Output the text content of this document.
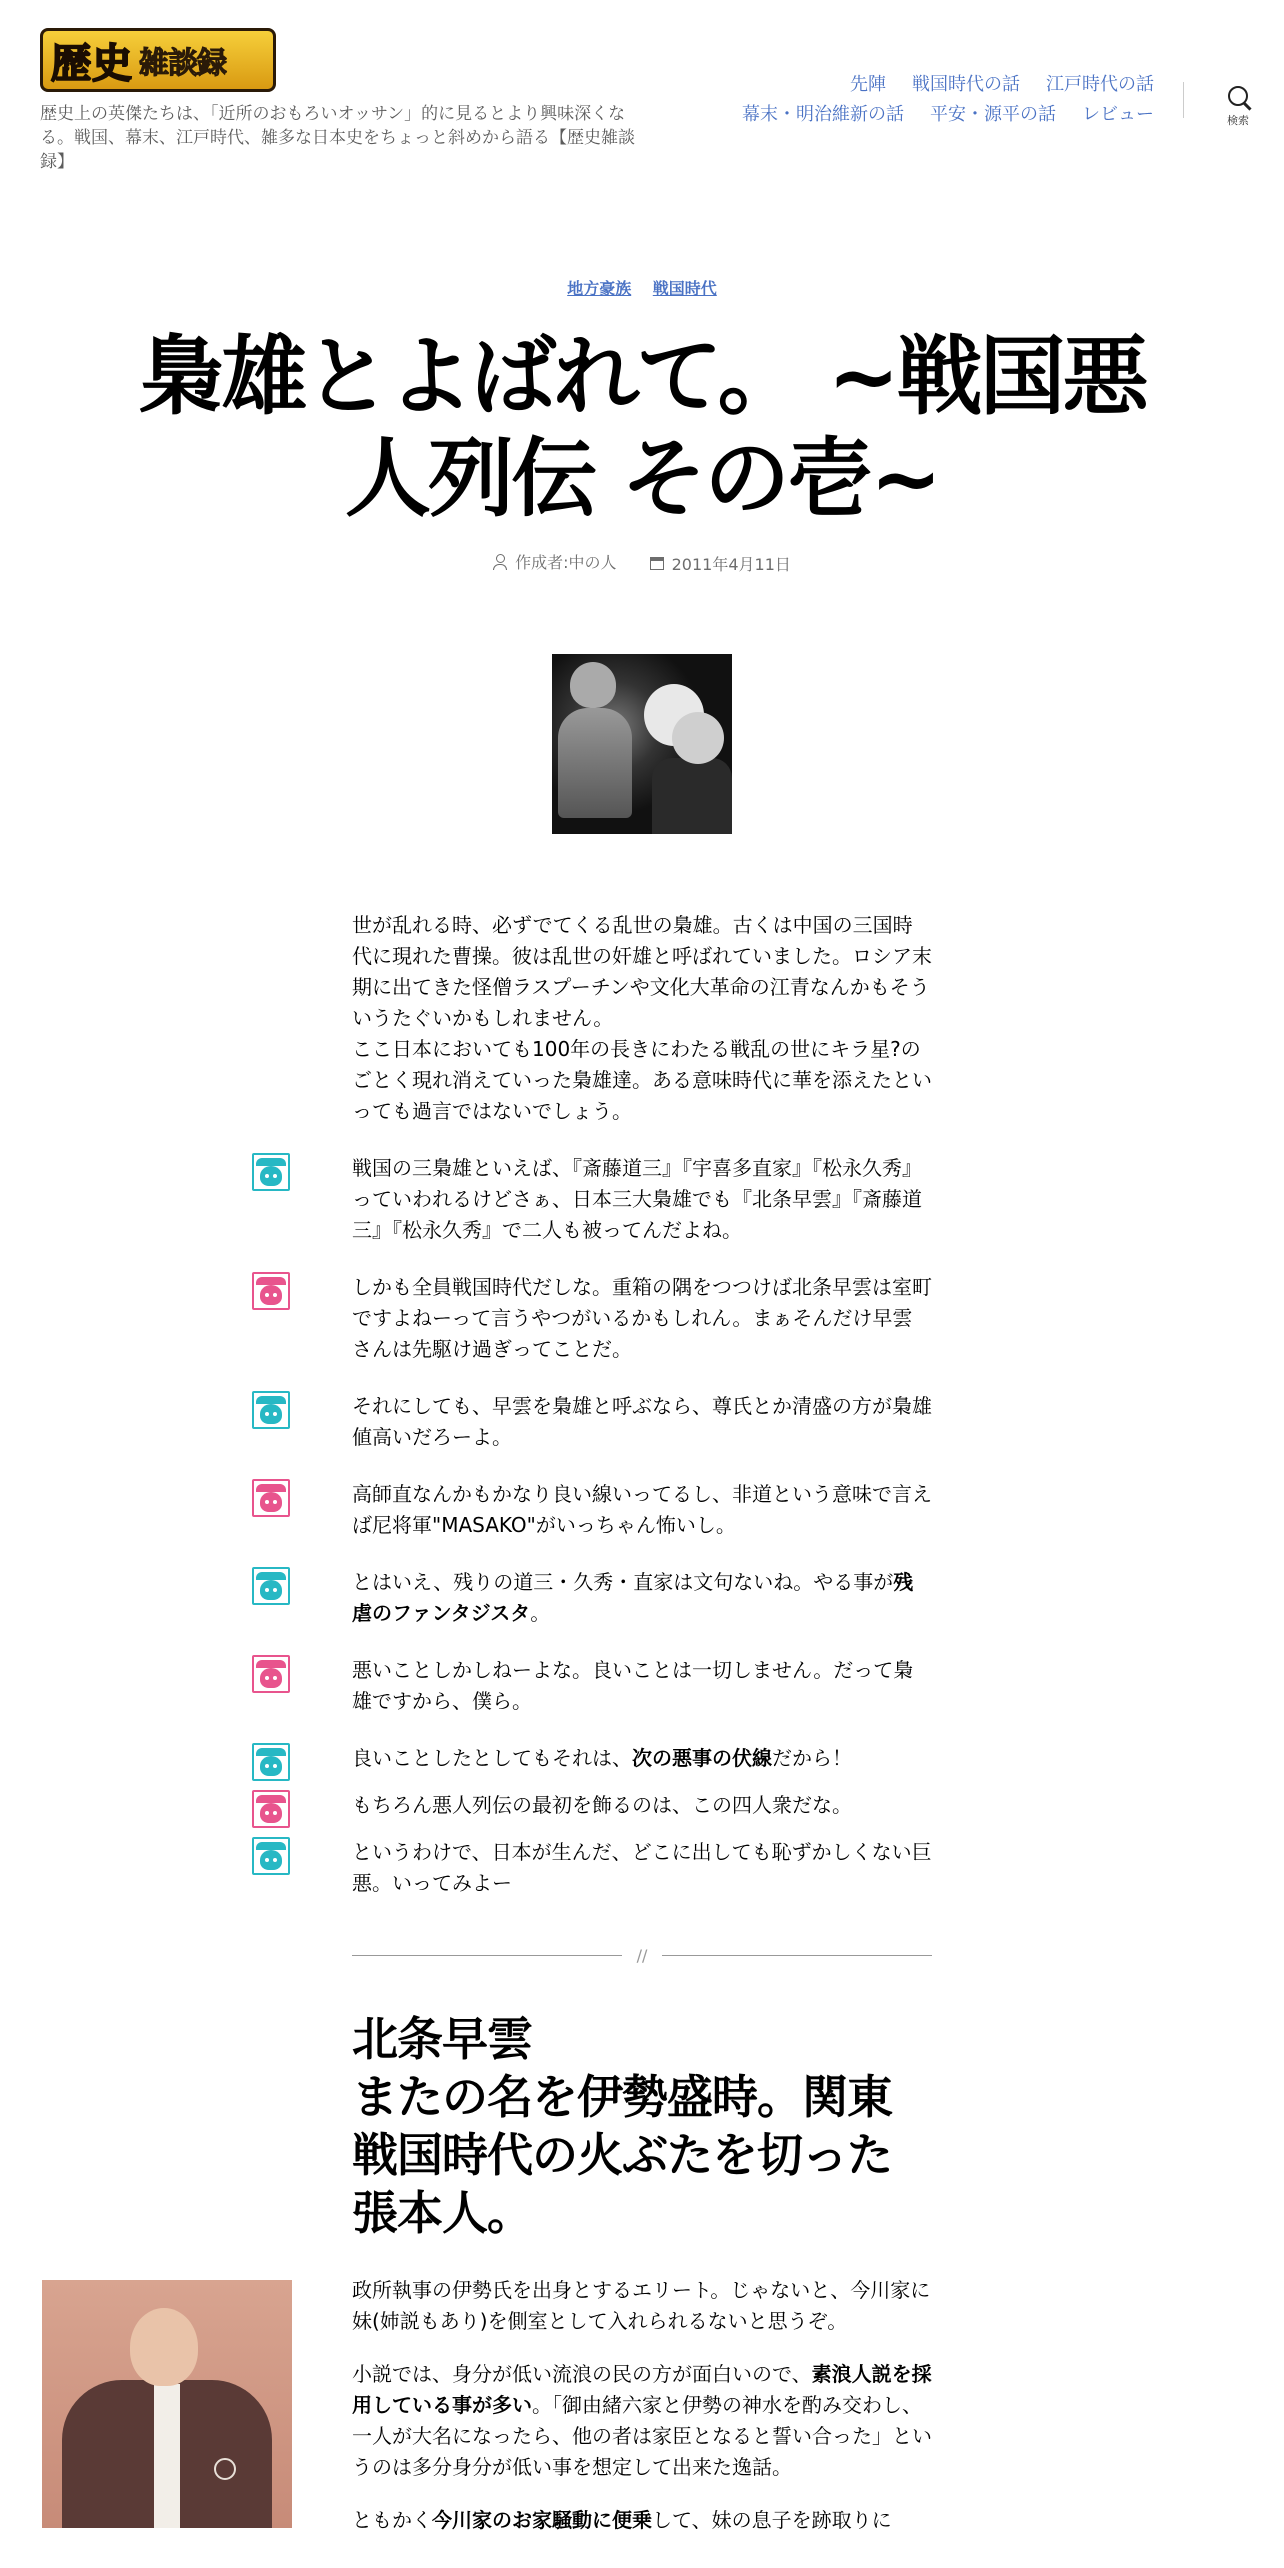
歴史 雑談録
歴史上の英傑たちは、「近所のおもろいオッサン」的に見るとより興味深くなる。戦国、幕末、江戸時代、雑多な日本史をちょっと斜めから語る【歴史雑談録】
先陣 戦国時代の話 江戸時代の話
幕末・明治維新の話 平安・源平の話 レビュー	検索
地方豪族 戦国時代
梟雄とよばれて。 ~戦国悪人列伝 その壱~
作成者: 中の人
	2011年4月11日

世が乱れる時、必ずでてくる乱世の梟雄。古くは中国の三国時代に現れた曹操。彼は乱世の奸雄と呼ばれていました。ロシア末期に出てきた怪僧ラスプーチンや文化大革命の江青なんかもそういうたぐいかもしれません。

ここ日本においても100年の長きにわたる戦乱の世にキラ星?のごとく現れ消えていった梟雄達。ある意味時代に華を添えたといっても過言ではないでしょう。

戦国の三梟雄といえば、『斎藤道三』『宇喜多直家』『松永久秀』っていわれるけどさぁ、日本三大梟雄でも『北条早雲』『斎藤道三』『松永久秀』で二人も被ってんだよね。

しかも全員戦国時代だしな。重箱の隅をつつけば北条早雲は室町ですよねーって言うやつがいるかもしれん。まぁそんだけ早雲さんは先駆け過ぎってことだ。

それにしても、早雲を梟雄と呼ぶなら、尊氏とか清盛の方が梟雄値高いだろーよ。

高師直なんかもかなり良い線いってるし、非道という意味で言えば尼将軍"MASAKO"がいっちゃん怖いし。

とはいえ、残りの道三・久秀・直家は文句ないね。やる事が残虐のファンタジスタ。

悪いことしかしねーよな。良いことは一切しません。だって梟雄ですから、僕ら。

良いことしたとしてもそれは、次の悪事の伏線だから！

もちろん悪人列伝の最初を飾るのは、この四人衆だな。

というわけで、日本が生んだ、どこに出しても恥ずかしくない巨悪。いってみよー

//
北条早雲
またの名を伊勢盛時。関東戦国時代の火ぶたを切った張本人。

政所執事の伊勢氏を出身とするエリート。じゃないと、今川家に妹(姉説もあり)を側室として入れられるないと思うぞ。

小説では、身分が低い流浪の民の方が面白いので、素浪人説を採用している事が多い。「御由緒六家と伊勢の神水を酌み交わし、一人が大名になったら、他の者は家臣となると誓い合った」というのは多分身分が低い事を想定して出来た逸話。

ともかく今川家のお家騒動に便乗して、妹の息子を跡取りに
